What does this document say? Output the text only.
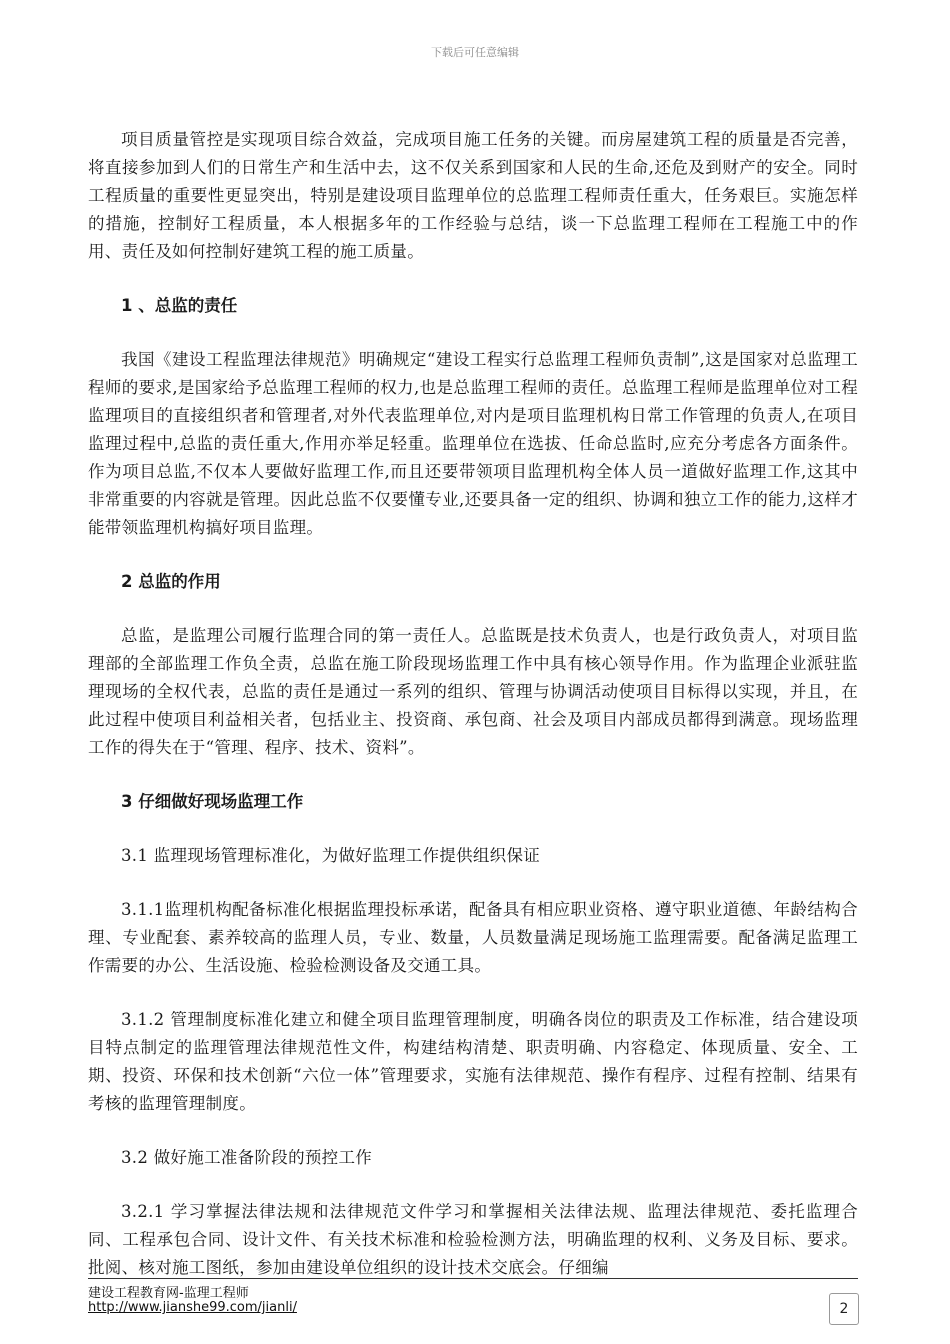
下载后可任意编辑

项目质量管控是实现项目综合效益，完成项目施工任务的关键。而房屋建筑工程的质量是否完善，将直接参加到人们的日常生产和生活中去，这不仅关系到国家和人民的生命,还危及到财产的安全。同时工程质量的重要性更显突出，特别是建设项目监理单位的总监理工程师责任重大，任务艰巨。实施怎样的措施，控制好工程质量，本人根据多年的工作经验与总结，谈一下总监理工程师在工程施工中的作用、责任及如何控制好建筑工程的施工质量。

1 、总监的责任

我国《建设工程监理法律规范》明确规定“建设工程实行总监理工程师负责制”,这是国家对总监理工程师的要求,是国家给予总监理工程师的权力,也是总监理工程师的责任。总监理工程师是监理单位对工程监理项目的直接组织者和管理者,对外代表监理单位,对内是项目监理机构日常工作管理的负责人,在项目监理过程中,总监的责任重大,作用亦举足轻重。监理单位在选拔、任命总监时,应充分考虑各方面条件。作为项目总监,不仅本人要做好监理工作,而且还要带领项目监理机构全体人员一道做好监理工作,这其中非常重要的内容就是管理。因此总监不仅要懂专业,还要具备一定的组织、协调和独立工作的能力,这样才能带领监理机构搞好项目监理。

2 总监的作用

总监，是监理公司履行监理合同的第一责任人。总监既是技术负责人，也是行政负责人，对项目监理部的全部监理工作负全责，总监在施工阶段现场监理工作中具有核心领导作用。作为监理企业派驻监理现场的全权代表，总监的责任是通过一系列的组织、管理与协调活动使项目目标得以实现，并且，在此过程中使项目利益相关者，包括业主、投资商、承包商、社会及项目内部成员都得到满意。现场监理工作的得失在于“管理、程序、技术、资料”。

3 仔细做好现场监理工作

3.1 监理现场管理标准化，为做好监理工作提供组织保证

3.1.1监理机构配备标准化根据监理投标承诺，配备具有相应职业资格、遵守职业道德、年龄结构合理、专业配套、素养较高的监理人员，专业、数量，人员数量满足现场施工监理需要。配备满足监理工作需要的办公、生活设施、检验检测设备及交通工具。

3.1.2 管理制度标准化建立和健全项目监理管理制度，明确各岗位的职责及工作标准，结合建设项目特点制定的监理管理法律规范性文件，构建结构清楚、职责明确、内容稳定、体现质量、安全、工期、投资、环保和技术创新“六位一体”管理要求，实施有法律规范、操作有程序、过程有控制、结果有考核的监理管理制度。

3.2 做好施工准备阶段的预控工作

3.2.1 学习掌握法律法规和法律规范文件学习和掌握相关法律法规、监理法律规范、委托监理合同、工程承包合同、设计文件、有关技术标准和检验检测方法，明确监理的权利、义务及目标、要求。批阅、核对施工图纸，参加由建设单位组织的设计技术交底会。仔细编

建设工程教育网-监理工程师
http://www.jianshe99.com/jianli/	2
